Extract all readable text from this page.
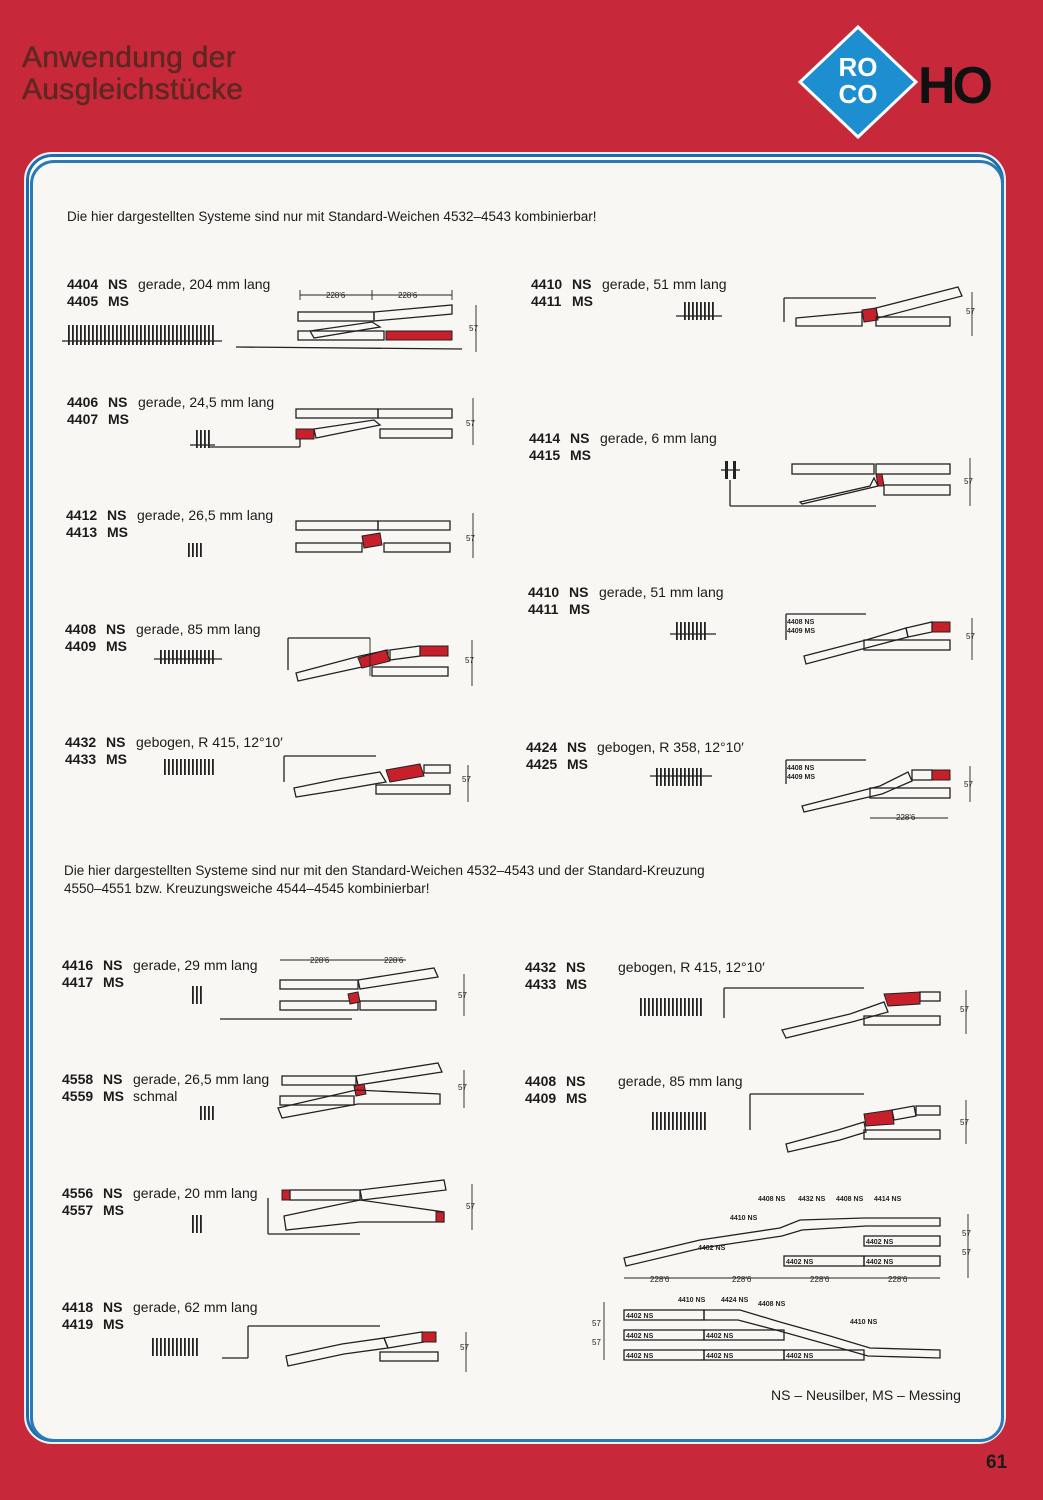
Anwendung der
Ausgleichstücke
RO
CO HO
Die hier dargestellten Systeme sind nur mit Standard-Weichen 4532–4543 kombinierbar!
Die hier dargestellten Systeme sind nur mit den Standard-Weichen 4532–4543 und der Standard-Kreuzung
4550–4551 bzw. Kreuzungsweiche 4544–4545 kombinierbar!
4404 NS gerade, 204 mm lang
4405 MS
4406 NS gerade, 24,5 mm lang
4407 MS
4412 NS gerade, 26,5 mm lang
4413 MS
4408 NS gerade, 85 mm lang
4409 MS
4432 NS gebogen, R 415, 12°10′
4433 MS
4410 NS gerade, 51 mm lang
4411 MS
4414 NS gerade, 6 mm lang
4415 MS
4410 NS gerade, 51 mm lang
4411 MS
4424 NS gebogen, R 358, 12°10′
4425 MS
4416 NS gerade, 29 mm lang
4417 MS
4558 NS gerade, 26,5 mm lang
4559 MS schmal
4556 NS gerade, 20 mm lang
4557 MS
4418 NS gerade, 62 mm lang
4419 MS
4432 NS gebogen, R 415, 12°10′
4433 MS
4408 NS gerade, 85 mm lang
4409 MS
228'6	228'6
57
57
57
57
57
57
57
4408 NS
4409 MS
57
4408 NS
4409 MS
228'6
57
228'6	228'6
57
57
57
57
57
57
4408 NS 4432 NS 4408 NS 4414 NS
4410 NS
4402 NS
4402 NS
4402 NS	4402 NS
228'6	228'6	228'6	228'6
57
57
4410 NS 4424 NS
4408 NS
4410 NS
4402 NS
4402 NS	4402 NS
4402 NS	4402 NS	4402 NS
57
57
NS – Neusilber, MS – Messing
61
